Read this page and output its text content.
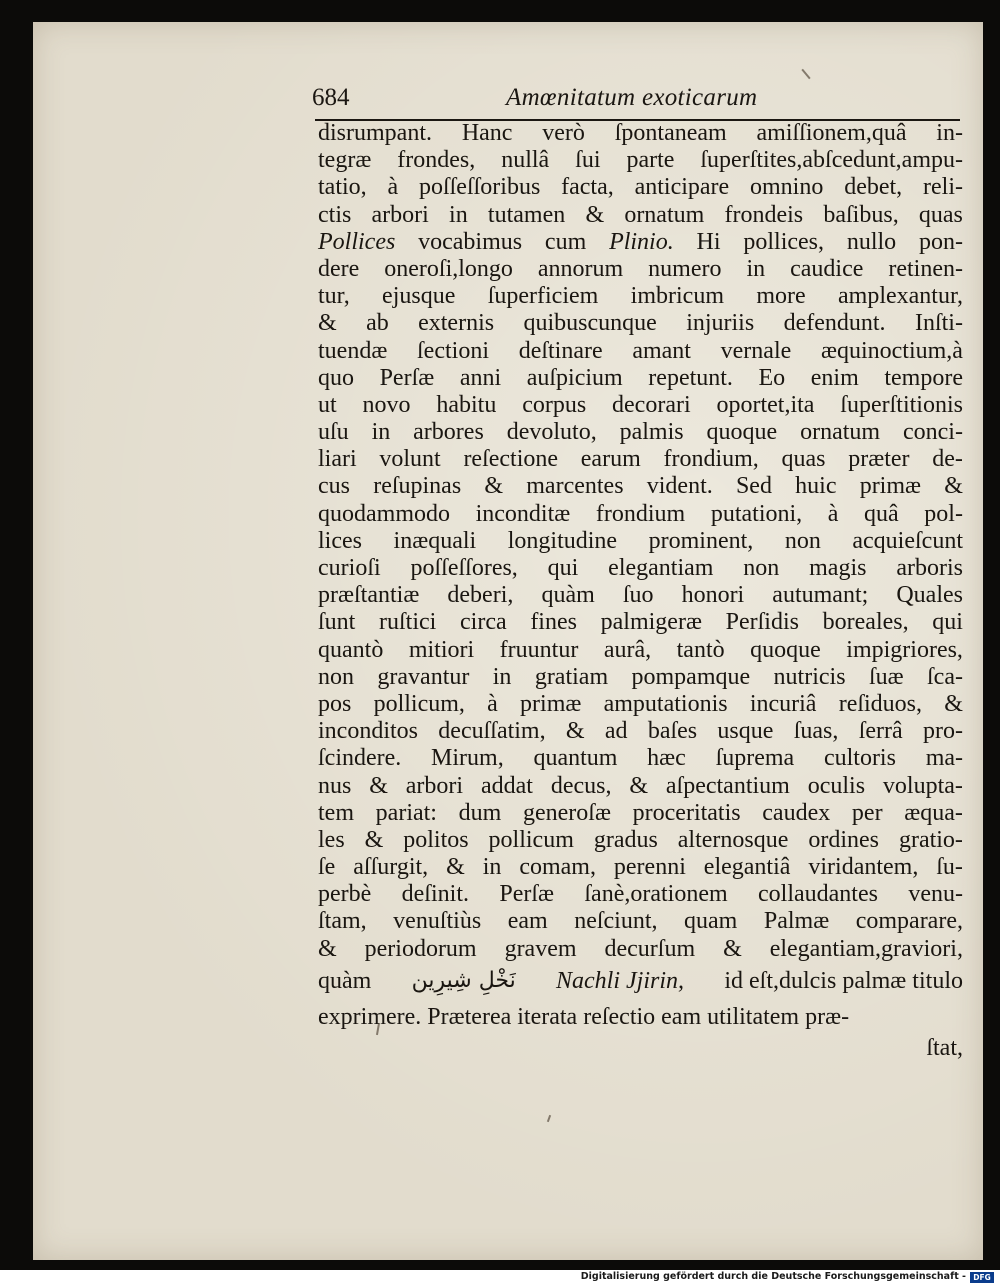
684	Amœnitatum exoticarum
disrumpant. Hanc verò ſpontaneam amiſſionem,quâ in-
tegræ frondes, nullâ ſui parte ſuperſtites,abſcedunt,ampu-
tatio, à poſſeſſoribus facta, anticipare omnino debet, reli-
ctis arbori in tutamen & ornatum frondeis baſibus, quas
Pollices vocabimus cum Plinio. Hi pollices, nullo pon-
dere oneroſi,longo annorum numero in caudice retinen-
tur, ejusque ſuperficiem imbricum more amplexantur,
& ab externis quibuscunque injuriis defendunt. Inſti-
tuendæ ſectioni deſtinare amant vernale æquinoctium,à
quo Perſæ anni auſpicium repetunt. Eo enim tempore
ut novo habitu corpus decorari oportet,ita ſuperſtitionis
uſu in arbores devoluto, palmis quoque ornatum conci-
liari volunt reſectione earum frondium, quas præter de-
cus reſupinas & marcentes vident. Sed huic primæ &
quodammodo inconditæ frondium putationi, à quâ pol-
lices inæquali longitudine prominent, non acquieſcunt
curioſi poſſeſſores, qui elegantiam non magis arboris
præſtantiæ deberi, quàm ſuo honori autumant; Quales
ſunt ruſtici circa fines palmigeræ Perſidis boreales, qui
quantò mitiori fruuntur aurâ, tantò quoque impigriores,
non gravantur in gratiam pompamque nutricis ſuæ ſca-
pos pollicum, à primæ amputationis incuriâ reſiduos, &
inconditos decuſſatim, & ad baſes usque ſuas, ſerrâ pro-
ſcindere. Mirum, quantum hæc ſuprema cultoris ma-
nus & arbori addat decus, & aſpectantium oculis volupta-
tem pariat: dum generoſæ proceritatis caudex per æqua-
les & politos pollicum gradus alternosque ordines gratio-
ſe aſſurgit, & in comam, perenni elegantiâ viridantem, ſu-
perbè deſinit. Perſæ ſanè,orationem collaudantes venu-
ſtam, venuſtiùs eam neſciunt, quam Palmæ comparare,
& periodorum gravem decurſum & elegantiam,graviori,
quàm نَخْلِ شِيرِين Nachli Jjirin, id eſt,dulcis palmæ titulo
exprimere. Præterea iterata reſectio eam utilitatem præ-
ſtat,
Digitalisierung gefördert durch die Deutsche Forschungsgemeinschaft - DFG
